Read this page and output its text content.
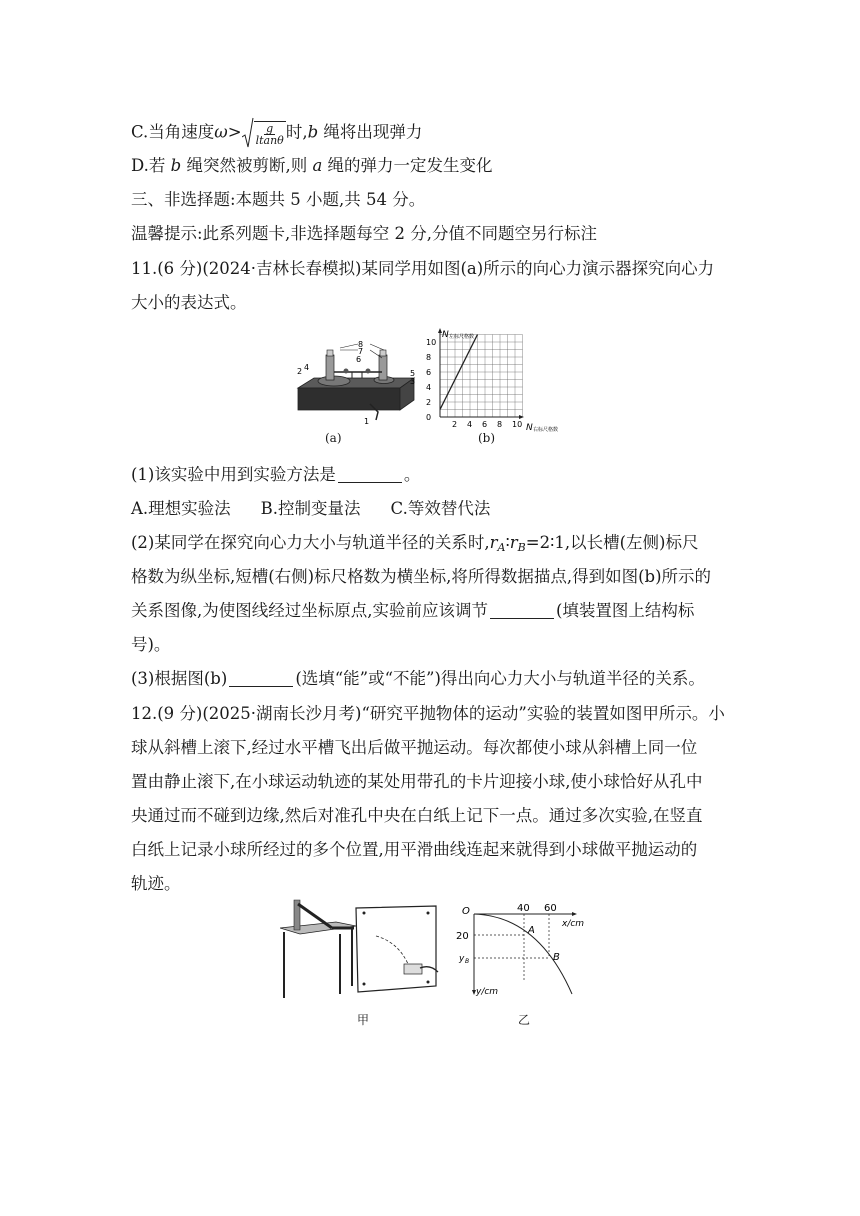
C.当角速度$\omega> \frac{g}{ltan\theta}$ 时,b 绳将出现弹力
D.若 b 绳突然被剪断,则 a 绳的弹力一定发生变化
三、非选择题:本题共 5 小题,共 54 分。
温馨提示:此系列题卡,非选择题每空 2 分,分值不同题空另行标注
11.(6 分)(2024·吉林长春模拟)某同学用如图(a)所示的向心力演示器探究向心力
大小的表达式。
8
7
6
4
2	5
3
1
(a)
N 左标尺格数
N 右标尺格数
10
8
6
4
2
0
2 4 6 8 10
(b)
(1)该实验中用到实验方法是	。
A.理想实验法 B.控制变量法 C.等效替代法
(2)某同学在探究向心力大小与轨道半径的关系时$,r_A∶r_B=2∶1$,以长槽(左侧)标尺
格数为纵坐标,短槽(右侧)标尺格数为横坐标,将所得数据描点,得到如图(b)所示的
关系图像,为使图线经过坐标原点,实验前应该调节	(填装置图上结构标
号)。
(3)根据图(b)	(选填“能”或“不能”)得出向心力大小与轨道半径的关系。
12.(9 分)(2025·湖南长沙月考)“研究平抛物体的运动”实验的装置如图甲所示。小
球从斜槽上滚下,经过水平槽飞出后做平抛运动。每次都使小球从斜槽上同一位
置由静止滚下,在小球运动轨迹的某处用带孔的卡片迎接小球,使小球恰好从孔中
央通过而不碰到边缘,然后对准孔中央在白纸上记下一点。通过多次实验,在竖直
白纸上记录小球所经过的多个位置,用平滑曲线连起来就得到小球做平抛运动的
轨迹。
甲
O	40 60
x/cm
20
y B
y/cm
A
B
乙
